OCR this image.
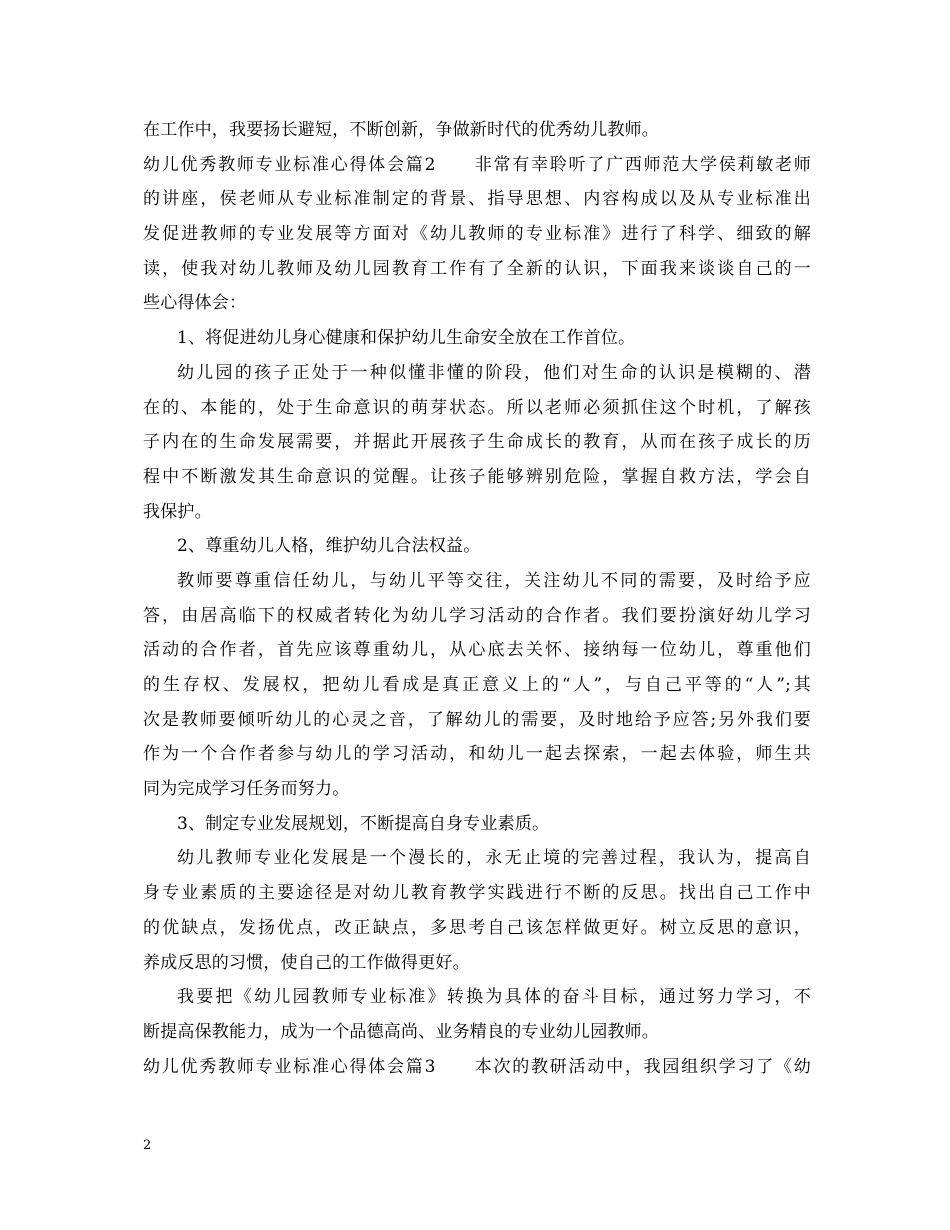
在工作中，我要扬长避短，不断创新，争做新时代的优秀幼儿教师。
幼儿优秀教师专业标准心得体会篇2　　非常有幸聆听了广西师范大学侯莉敏老师
的讲座，侯老师从专业标准制定的背景、指导思想、内容构成以及从专业标准出
发促进教师的专业发展等方面对《幼儿教师的专业标准》进行了科学、细致的解
读，使我对幼儿教师及幼儿园教育工作有了全新的认识，下面我来谈谈自己的一
些心得体会：
1、将促进幼儿身心健康和保护幼儿生命安全放在工作首位。
幼儿园的孩子正处于一种似懂非懂的阶段，他们对生命的认识是模糊的、潜
在的、本能的，处于生命意识的萌芽状态。所以老师必须抓住这个时机，了解孩
子内在的生命发展需要，并据此开展孩子生命成长的教育，从而在孩子成长的历
程中不断激发其生命意识的觉醒。让孩子能够辨别危险，掌握自救方法，学会自
我保护。
2、尊重幼儿人格，维护幼儿合法权益。
教师要尊重信任幼儿，与幼儿平等交往，关注幼儿不同的需要，及时给予应
答，由居高临下的权威者转化为幼儿学习活动的合作者。我们要扮演好幼儿学习
活动的合作者，首先应该尊重幼儿，从心底去关怀、接纳每一位幼儿，尊重他们
的生存权、发展权，把幼儿看成是真正意义上的“人”，与自己平等的“人”;其
次是教师要倾听幼儿的心灵之音，了解幼儿的需要，及时地给予应答;另外我们要
作为一个合作者参与幼儿的学习活动，和幼儿一起去探索，一起去体验，师生共
同为完成学习任务而努力。
3、制定专业发展规划，不断提高自身专业素质。
幼儿教师专业化发展是一个漫长的，永无止境的完善过程，我认为，提高自
身专业素质的主要途径是对幼儿教育教学实践进行不断的反思。找出自己工作中
的优缺点，发扬优点，改正缺点，多思考自己该怎样做更好。树立反思的意识，
养成反思的习惯，使自己的工作做得更好。
我要把《幼儿园教师专业标准》转换为具体的奋斗目标，通过努力学习，不
断提高保教能力，成为一个品德高尚、业务精良的专业幼儿园教师。
幼儿优秀教师专业标准心得体会篇3　　本次的教研活动中，我园组织学习了《幼
2
